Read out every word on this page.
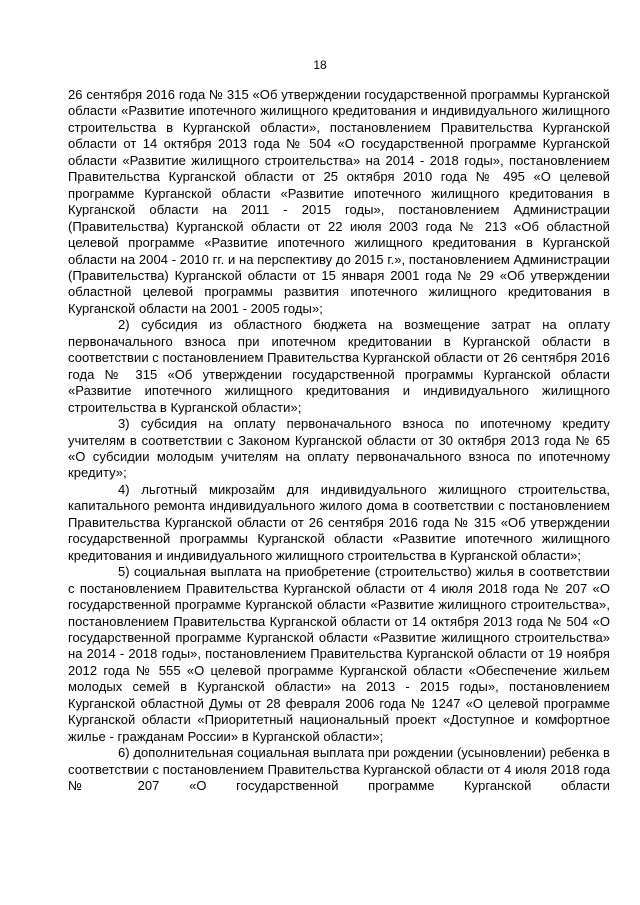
18

26 сентября 2016 года № 315 «Об утверждении государственной программы Курганской области «Развитие ипотечного жилищного кредитования и индивидуального жилищного строительства в Курганской области», постановлением Правительства Курганской области от 14 октября 2013 года № 504 «О государственной программе Курганской области «Развитие жилищного строительства» на 2014 - 2018 годы», постановлением Правительства Курганской области от 25 октября 2010 года № 495 «О целевой программе Курганской области «Развитие ипотечного жилищного кредитования в Курганской области на 2011 - 2015 годы», постановлением Администрации (Правительства) Курганской области от 22 июля 2003 года № 213 «Об областной целевой программе «Развитие ипотечного жилищного кредитования в Курганской области на 2004 - 2010 гг. и на перспективу до 2015 г.», постановлением Администрации (Правительства) Курганской области от 15 января 2001 года № 29 «Об утверждении областной целевой программы развития ипотечного жилищного кредитования в Курганской области на 2001 - 2005 годы»;

2) субсидия из областного бюджета на возмещение затрат на оплату первоначального взноса при ипотечном кредитовании в Курганской области в соответствии с постановлением Правительства Курганской области от 26 сентября 2016 года № 315 «Об утверждении государственной программы Курганской области «Развитие ипотечного жилищного кредитования и индивидуального жилищного строительства в Курганской области»;

3) субсидия на оплату первоначального взноса по ипотечному кредиту учителям в соответствии с Законом Курганской области от 30 октября 2013 года № 65 «О субсидии молодым учителям на оплату первоначального взноса по ипотечному кредиту»;

4) льготный микрозайм для индивидуального жилищного строительства, капитального ремонта индивидуального жилого дома в соответствии с постановлением Правительства Курганской области от 26 сентября 2016 года № 315 «Об утверждении государственной программы Курганской области «Развитие ипотечного жилищного кредитования и индивидуального жилищного строительства в Курганской области»;

5) социальная выплата на приобретение (строительство) жилья в соответствии с постановлением Правительства Курганской области от 4 июля 2018 года № 207 «О государственной программе Курганской области «Развитие жилищного строительства», постановлением Правительства Курганской области от 14 октября 2013 года № 504 «О государственной программе Курганской области «Развитие жилищного строительства» на 2014 - 2018 годы», постановлением Правительства Курганской области от 19 ноября 2012 года № 555 «О целевой программе Курганской области «Обеспечение жильем молодых семей в Курганской области» на 2013 - 2015 годы», постановлением Курганской областной Думы от 28 февраля 2006 года № 1247 «О целевой программе Курганской области «Приоритетный национальный проект «Доступное и комфортное жилье - гражданам России» в Курганской области»;

6) дополнительная социальная выплата при рождении (усыновлении) ребенка в соответствии с постановлением Правительства Курганской области от 4 июля 2018 года № 207 «О государственной программе Курганской области
